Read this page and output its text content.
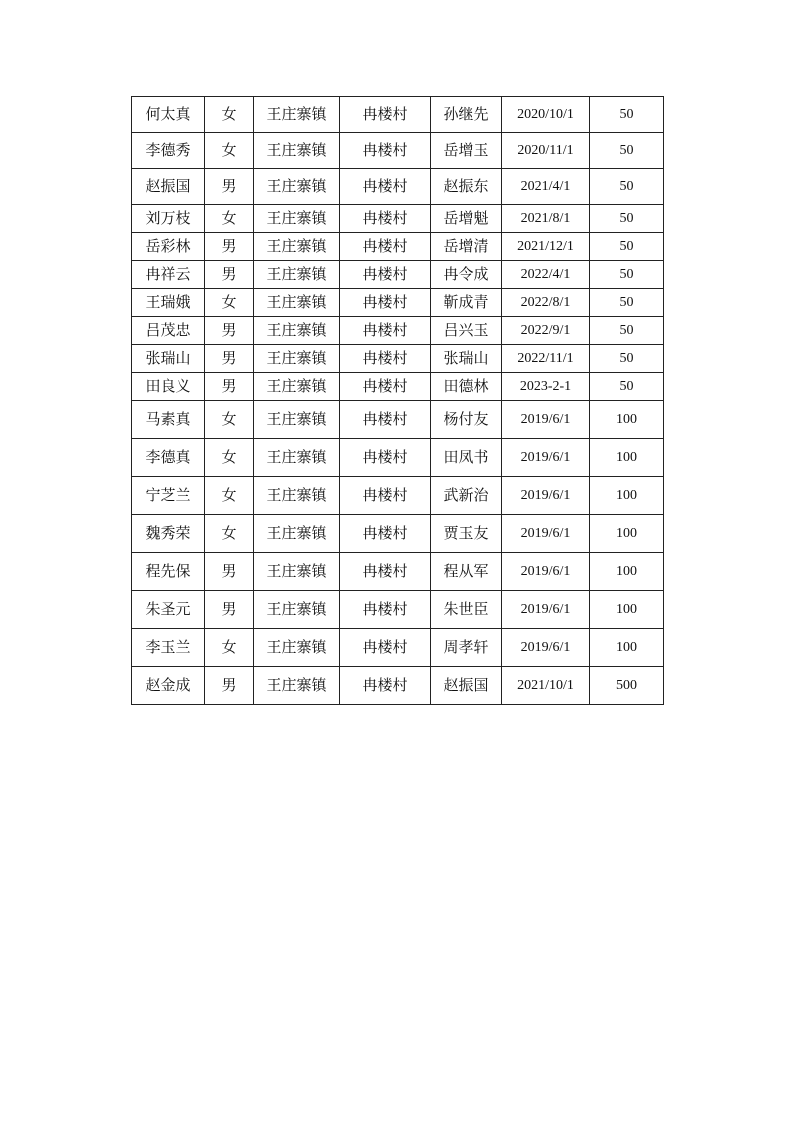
何太真	女	王庄寨镇	冉楼村	孙继先	2020/10/1	50
李德秀	女	王庄寨镇	冉楼村	岳增玉	2020/11/1	50
赵振国	男	王庄寨镇	冉楼村	赵振东	2021/4/1	50
刘万枝	女	王庄寨镇	冉楼村	岳增魁	2021/8/1	50
岳彩林	男	王庄寨镇	冉楼村	岳增清	2021/12/1	50
冉祥云	男	王庄寨镇	冉楼村	冉令成	2022/4/1	50
王瑞娥	女	王庄寨镇	冉楼村	靳成青	2022/8/1	50
吕茂忠	男	王庄寨镇	冉楼村	吕兴玉	2022/9/1	50
张瑞山	男	王庄寨镇	冉楼村	张瑞山	2022/11/1	50
田良义	男	王庄寨镇	冉楼村	田德林	2023-2-1	50
马素真	女	王庄寨镇	冉楼村	杨付友	2019/6/1	100
李德真	女	王庄寨镇	冉楼村	田凤书	2019/6/1	100
宁芝兰	女	王庄寨镇	冉楼村	武新治	2019/6/1	100
魏秀荣	女	王庄寨镇	冉楼村	贾玉友	2019/6/1	100
程先保	男	王庄寨镇	冉楼村	程从军	2019/6/1	100
朱圣元	男	王庄寨镇	冉楼村	朱世臣	2019/6/1	100
李玉兰	女	王庄寨镇	冉楼村	周孝轩	2019/6/1	100
赵金成	男	王庄寨镇	冉楼村	赵振国	2021/10/1	500
